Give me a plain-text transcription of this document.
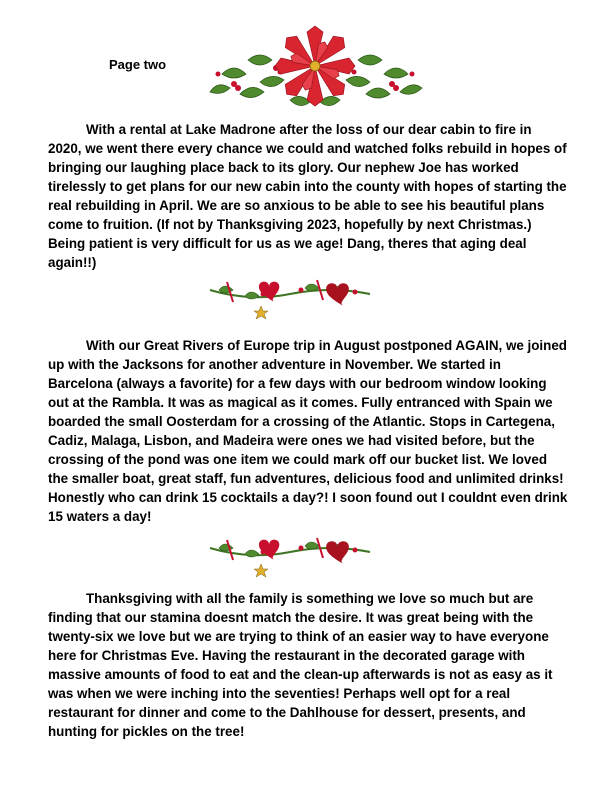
Page two

With a rental at Lake Madrone after the loss of our dear cabin to fire in 2020, we went there every chance we could and watched folks rebuild in hopes of bringing our laughing place back to its glory. Our nephew Joe has worked tirelessly to get plans for our new cabin into the county with hopes of starting the real rebuilding in April. We are so anxious to be able to see his beautiful plans come to fruition. (If not by Thanksgiving 2023, hopefully by next Christmas.) Being patient is very difficult for us as we age! Dang, theres that aging deal again!!)

With our Great Rivers of Europe trip in August postponed AGAIN, we joined up with the Jacksons for another adventure in November. We started in Barcelona (always a favorite) for a few days with our bedroom window looking out at the Rambla. It was as magical as it comes. Fully entranced with Spain we boarded the small Oosterdam for a crossing of the Atlantic. Stops in Cartegena, Cadiz, Malaga, Lisbon, and Madeira were ones we had visited before, but the crossing of the pond was one item we could mark off our bucket list. We loved the smaller boat, great staff, fun adventures, delicious food and unlimited drinks! Honestly who can drink 15 cocktails a day?! I soon found out I couldnt even drink 15 waters a day!

Thanksgiving with all the family is something we love so much but are finding that our stamina doesnt match the desire. It was great being with the twenty-six we love but we are trying to think of an easier way to have everyone here for Christmas Eve. Having the restaurant in the decorated garage with massive amounts of food to eat and the clean-up afterwards is not as easy as it was when we were inching into the seventies! Perhaps well opt for a real restaurant for dinner and come to the Dahlhouse for dessert, presents, and hunting for pickles on the tree!
